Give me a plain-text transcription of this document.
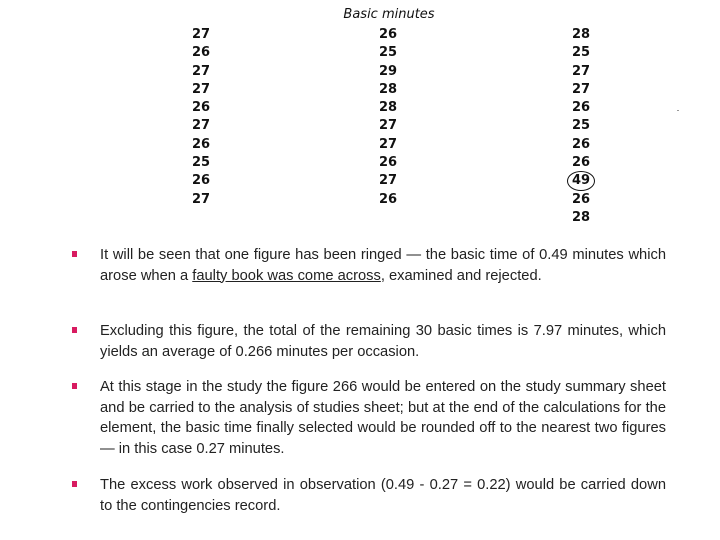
Basic minutes
27
26
27
27
26
27
26
25
26
27
26
25
29
28
28
27
27
26
27
26
28
25
27
27
26
25
26
26
49
26
28
It will be seen that one figure has been ringed — the basic time of 0.49 minutes which arose when a faulty book was come across, examined and rejected.
Excluding this figure, the total of the remaining 30 basic times is 7.97 minutes, which yields an average of 0.266 minutes per occasion.
At this stage in the study the figure 266 would be entered on the study summary sheet and be carried to the analysis of studies sheet; but at the end of the calculations for the element, the basic time finally selected would be rounded off to the nearest two figures — in this case 0.27 minutes.
The excess work observed in observation (0.49 - 0.27 = 0.22) would be carried down to the contingencies record.
